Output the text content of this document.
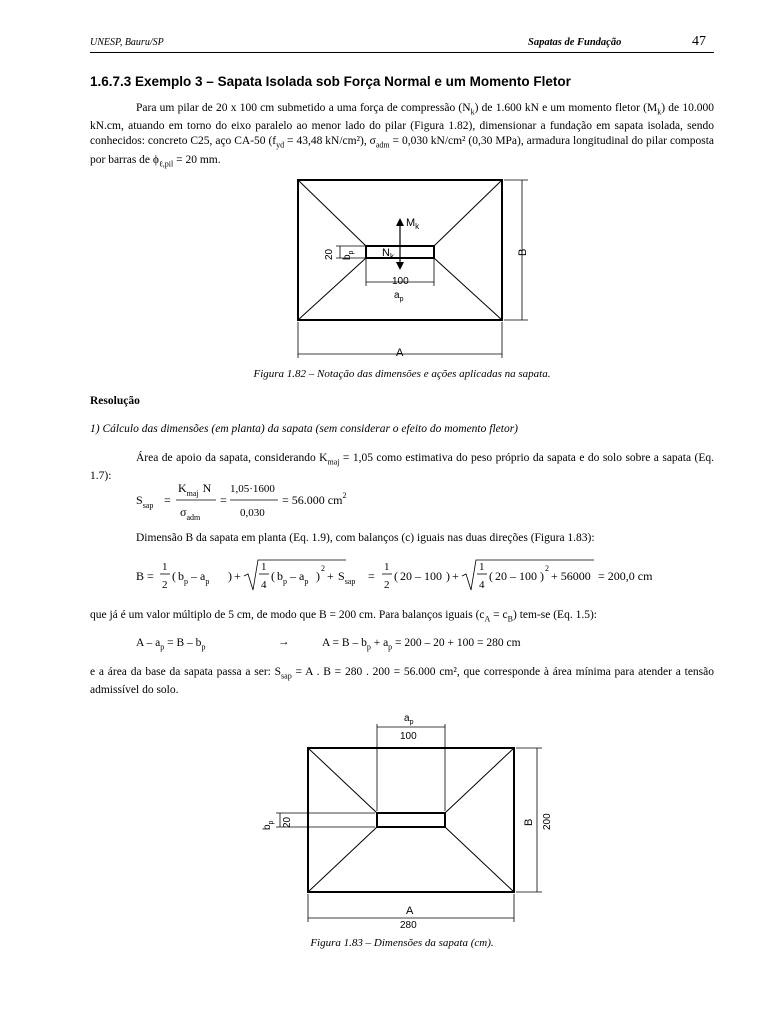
UNESP, Bauru/SP	Sapatas de Fundação	47
1.6.7.3 Exemplo 3 – Sapata Isolada sob Força Normal e um Momento Fletor
Para um pilar de 20 x 100 cm submetido a uma força de compressão $(N_k)$ de 1.600 kN e um momento fletor $(M_k)$ de 10.000 kN.cm, atuando em torno do eixo paralelo ao menor lado do pilar (Figura 1.82), dimensionar a fundação em sapata isolada, sendo conhecidos: concreto C25, aço CA-50 ($f_{yd} = 43,48$ kN/cm²), $\sigma_{adm} = 0,030$ kN/cm² (0,30 MPa), armadura longitudinal do pilar composta por barras de $\phi_{\ell,pil} = 20$ mm.
$M_k$
$N_k$
100
$a_p$
20 $b_p$
A
B
Figura 1.82 – Notação das dimensões e ações aplicadas na sapata.
Resolução
1) Cálculo das dimensões (em planta) da sapata (sem considerar o efeito do momento fletor)
Área de apoio da sapata, considerando $K_{maj} = 1,05$ como estimativa do peso próprio da sapata e do solo sobre a sapata (Eq. 1.7):
$S_{sap}$ =
$K_{maj}$ N
$\sigma_{adm}$
=
1,05·1600
0,030
= 56.000 $cm^2$
Dimensão B da sapata em planta (Eq. 1.9), com balanços (c) iguais nas duas direções (Figura 1.83):
B =
1
2
( $b_p - a_p$ ) +
1
4
( $b_p - a_p$ )
2
+ $S_{sap}$ =
1
2
( 20 – 100 ) +
1
4
( 20 – 100 )
2
+ 56000 = 200,0 cm
que já é um valor múltiplo de 5 cm, de modo que B = 200 cm. Para balanços iguais $(c_A = c_B)$ tem-se (Eq. 1.5):
$A - a_p = B - b_p$	→	$A = B - b_p + a_p = 200 - 20 + 100 = 280$ cm
e a área da base da sapata passa a ser: $S_{sap} = A$ . B = 280 . 200 = 56.000 cm², que corresponde à área mínima para atender a tensão admissível do solo.
$a_p$
100
$b_p$ 20	B 200
A
280
Figura 1.83 – Dimensões da sapata (cm).
